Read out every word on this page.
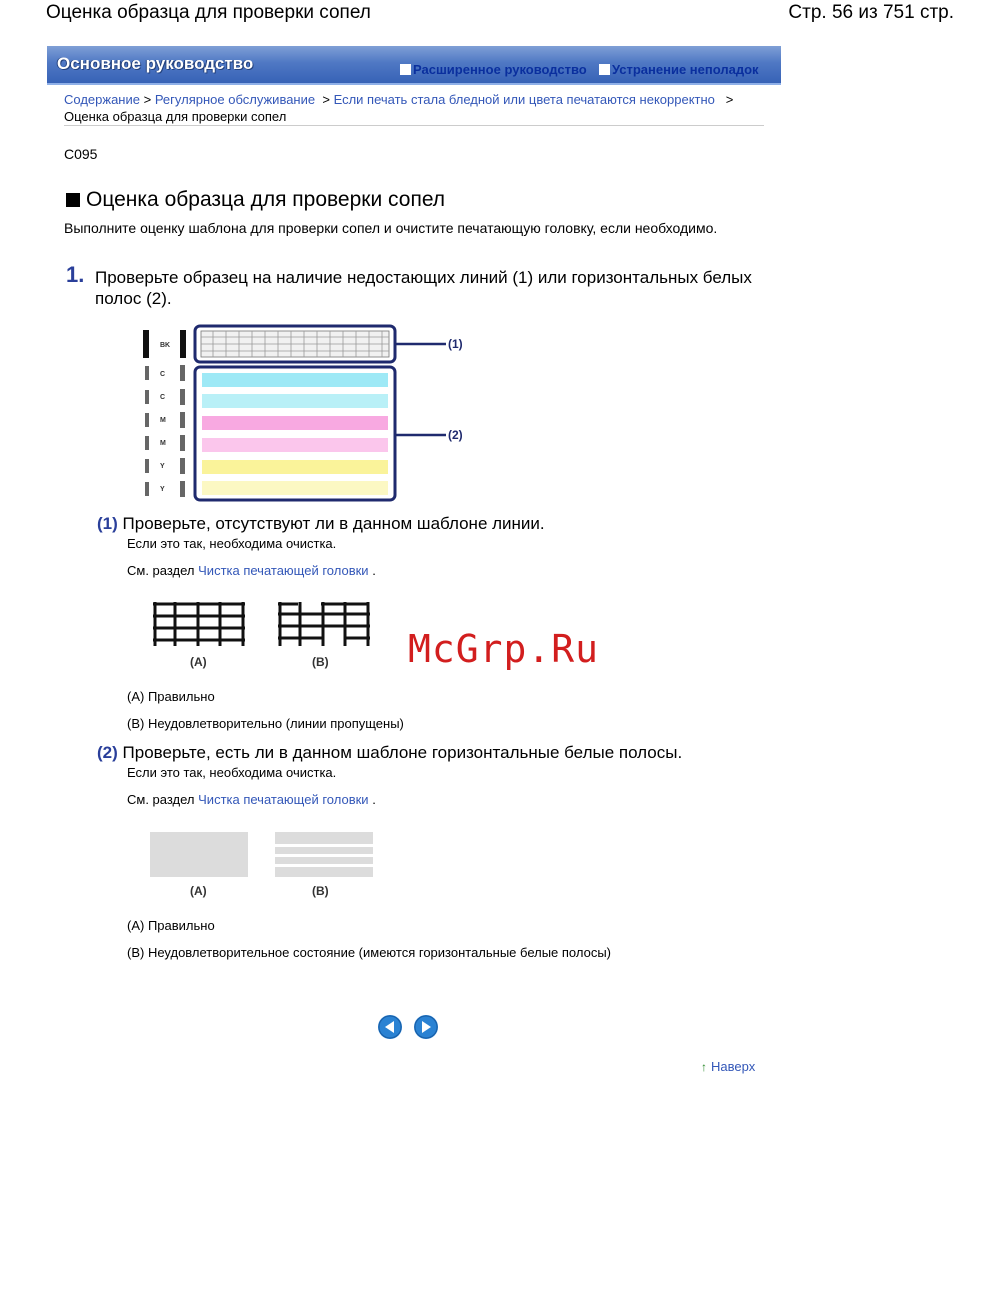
Оценка образца для проверки сопел	Стр. 56 из 751 стр.
Основное руководство	Расширенное руководство Устранение неполадок
Содержание > Регулярное обслуживание > Если печать стала бледной или цвета печатаются некорректно >
Оценка образца для проверки сопел
C095
Оценка образца для проверки сопел
Выполните оценку шаблона для проверки сопел и очистите печатающую головку, если необходимо.
1. Проверьте образец на наличие недостающих линий (1) или горизонтальных белых полос (2).
BK
C
C
M
M
Y
Y
(1)
(2)
(1) Проверьте, отсутствуют ли в данном шаблоне линии.
Если это так, необходима очистка.
См. раздел Чистка печатающей головки .
(A)	(B) McGrp.Ru
(A) Правильно
(B) Неудовлетворительно (линии пропущены)
(2) Проверьте, есть ли в данном шаблоне горизонтальные белые полосы.
Если это так, необходима очистка.
См. раздел Чистка печатающей головки .
(A)	(B)
(A) Правильно
(B) Неудовлетворительное состояние (имеются горизонтальные белые полосы)
↑ Наверх
